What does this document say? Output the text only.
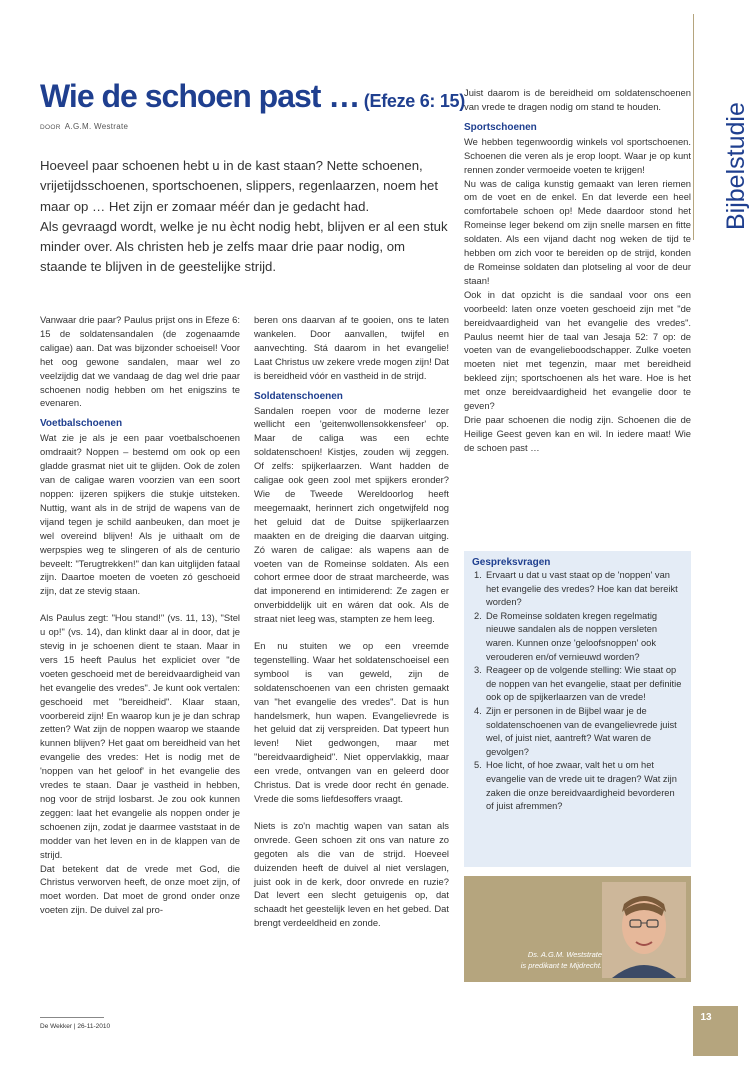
Wie de schoen past … (Efeze 6: 15)
DOOR A.G.M. Westrate

Hoeveel paar schoenen hebt u in de kast staan? Nette schoenen, vrijetijdsschoenen, sportschoenen, slippers, regenlaarzen, noem het maar op … Het zijn er zomaar méér dan je gedacht had.

Als gevraagd wordt, welke je nu ècht nodig hebt, blijven er al een stuk minder over. Als christen heb je zelfs maar drie paar nodig, om staande te blijven in de geestelijke strijd.

Vanwaar drie paar? Paulus prijst ons in Efeze 6: 15 de soldatensandalen (de zogenaamde caligae) aan. Dat was bijzonder schoeisel! Voor het oog gewone sandalen, maar wel zo veelzijdig dat we vandaag de dag wel drie paar schoenen nodig hebben om het enigszins te evenaren.

Voetbalschoenen

Wat zie je als je een paar voetbalschoenen omdraait? Noppen – bestemd om ook op een gladde grasmat niet uit te glijden. Ook de zolen van de caligae waren voorzien van een soort noppen: ijzeren spijkers die stukje uitsteken. Nuttig, want als in de strijd de wapens van de vijand tegen je schild aanbeuken, dan moet je wel overeind blijven! Als je uithaalt om de werpspies weg te slingeren of als de centurio beveelt: "Terugtrekken!" dan kan uitglijden fataal zijn. Daartoe moeten de voeten zó geschoeid zijn, dat ze stevig staan.

Als Paulus zegt: "Hou stand!" (vs. 11, 13), "Stel u op!" (vs. 14), dan klinkt daar al in door, dat je stevig in je schoenen dient te staan. Maar in vers 15 heeft Paulus het expliciet over "de voeten geschoeid met de bereidvaardigheid van het evangelie des vredes". Je kunt ook vertalen: geschoeid met "bereidheid". Klaar staan, voorbereid zijn! En waarop kun je je dan schrap zetten? Wat zijn de noppen waarop we staande kunnen blijven? Het gaat om bereidheid van het evangelie des vredes: Het is nodig met de 'noppen van het geloof' in het evangelie des vredes te staan. Daar je vastheid in hebben, nog voor de strijd losbarst. Je zou ook kunnen zeggen: laat het evangelie als noppen onder je schoenen zijn, zodat je daarmee vaststaat in de modder van het leven en in de klappen van de strijd.

Dat betekent dat de vrede met God, die Christus verworven heeft, de onze moet zijn, of moet worden. Dat moet de grond onder onze voeten zijn. De duivel zal pro-

beren ons daarvan af te gooien, ons te laten wankelen. Door aanvallen, twijfel en aanvechting. Stá daarom in het evangelie! Laat Christus uw zekere vrede mogen zijn! Dat is bereidheid vóór en vastheid in de strijd.

Soldatenschoenen

Sandalen roepen voor de moderne lezer wellicht een 'geitenwollensokkensfeer' op. Maar de caliga was een echte soldatenschoen! Kistjes, zouden wij zeggen. Of zelfs: spijkerlaarzen. Want hadden de caligae ook geen zool met spijkers eronder? Wie de Tweede Wereldoorlog heeft meegemaakt, herinnert zich ongetwijfeld nog het geluid dat de Duitse spijkerlaarzen maakten en de dreiging die daarvan uitging. Zó waren de caligae: als wapens aan de voeten van de Romeinse soldaten. Als een cohort ermee door de straat marcheerde, was dat imponerend en intimiderend: Ze zagen er onverbiddelijk uit en wáren dat ook. Als de straat niet leeg was, stampten ze hem leeg.

En nu stuiten we op een vreemde tegenstelling. Waar het soldatenschoeisel een symbool is van geweld, zijn de soldatenschoenen van een christen gemaakt van "het evangelie des vredes". Dat is hun handelsmerk, hun wapen. Evangelievrede is het geluid dat zij verspreiden. Dat typeert hun leven! Niet gedwongen, maar met "bereidvaardigheid". Niet oppervlakkig, maar een vrede, ontvangen van en geleerd door Christus. Dat is vrede door recht én genade. Vrede die soms liefdesoffers vraagt.

Niets is zo'n machtig wapen van satan als onvrede. Geen schoen zit ons van nature zo gegoten als die van de strijd. Hoeveel duizenden heeft de duivel al niet verslagen, juist ook in de kerk, door onvrede en ruzie? Dat levert een slecht getuigenis op, dat schaadt het geestelijk leven en het gebed. Dat brengt verdeeldheid en zonde.

Juist daarom is de bereidheid om soldatenschoenen van vrede te dragen nodig om stand te houden.

Sportschoenen

We hebben tegenwoordig winkels vol sportschoenen. Schoenen die veren als je erop loopt. Waar je op kunt rennen zonder vermoeide voeten te krijgen!

Nu was de caliga kunstig gemaakt van leren riemen om de voet en de enkel. En dat leverde een heel comfortabele schoen op! Mede daardoor stond het Romeinse leger bekend om zijn snelle marsen en fitte soldaten. Als een vijand dacht nog weken de tijd te hebben om zich voor te bereiden op de strijd, konden de Romeinse soldaten dan plotseling al voor de deur staan!

Ook in dat opzicht is die sandaal voor ons een voorbeeld: laten onze voeten geschoeid zijn met "de bereidvaardigheid van het evangelie des vredes". Paulus neemt hier de taal van Jesaja 52: 7 op: de voeten van de evangelieboodschapper. Zulke voeten moeten niet met tegenzin, maar met bereidheid bekleed zijn; sportschoenen als het ware. Hoe is het met onze bereidvaardigheid het evangelie door te geven?

Drie paar schoenen die nodig zijn. Schoenen die de Heilige Geest geven kan en wil. In iedere maat! Wie de schoen past …

Gespreksvragen
1. Ervaart u dat u vast staat op de 'noppen' van het evangelie des vredes? Hoe kan dat bereikt worden?
2. De Romeinse soldaten kregen regelmatig nieuwe sandalen als de noppen versleten waren. Kunnen onze 'geloofsnoppen' ook verouderen en/of vernieuwd worden?
3. Reageer op de volgende stelling: Wie staat op de noppen van het evangelie, staat per definitie ook op de spijkerlaarzen van de vrede!
4. Zijn er personen in de Bijbel waar je de soldatenschoenen van de evangelievrede juist wel, of juist niet, aantreft? Wat waren de gevolgen?
5. Hoe licht, of hoe zwaar, valt het u om het evangelie van de vrede uit te dragen? Wat zijn zaken die onze bereidvaardigheid bevorderen of juist afremmen?
Ds. A.G.M. Weststrate
is predikant te Mijdrecht.
Bijbelstudie
De Wekker | 26-11-2010
13
